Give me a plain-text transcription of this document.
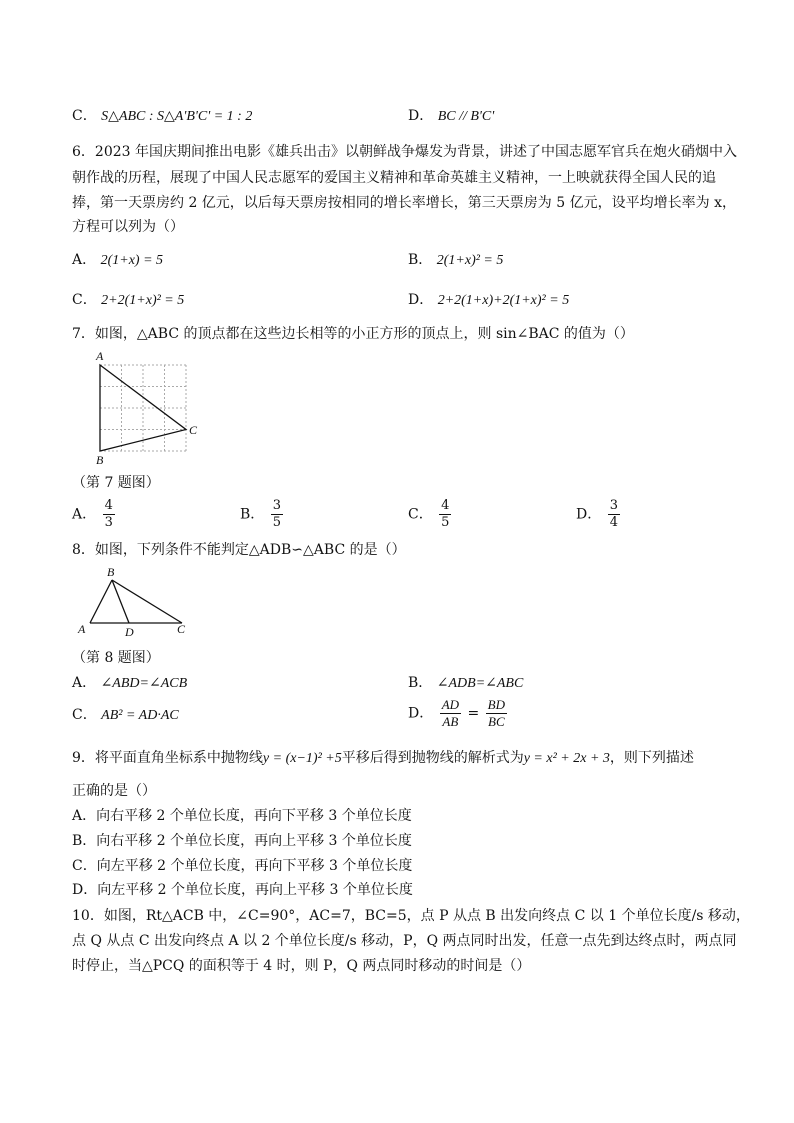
C． S△ABC : S△A'B'C' = 1 : 2	D． BC // B'C'
6．2023 年国庆期间推出电影《雄兵出击》以朝鲜战争爆发为背景，讲述了中国志愿军官兵在炮火硝烟中入
朝作战的历程，展现了中国人民志愿军的爱国主义精神和革命英雄主义精神，一上映就获得全国人民的追
捧，第一天票房约 2 亿元，以后每天票房按相同的增长率增长，第三天票房为 5 亿元，设平均增长率为 x，
方程可以列为（）
A． 2(1+x) = 5	B． 2(1+x)² = 5
C． 2+2(1+x)² = 5	D． 2+2(1+x)+2(1+x)² = 5
7．如图，△ABC 的顶点都在这些边长相等的小正方形的顶点上，则 sin∠BAC 的值为（）
A
B
C
（第 7 题图）
A． $\frac{4}{3}$	B． $\frac{3}{5}$	C． $\frac{4}{5}$	D． $\frac{3}{4}$
8．如图，下列条件不能判定△ADB∽△ABC 的是（）
B
A	D	C
（第 8 题图）
A． ∠ABD=∠ACB	B． ∠ADB=∠ABC
C． AB² = AD·AC	D． $\frac{AD}{AB} = \frac{BD}{BC}$
9．将平面直角坐标系中抛物线y = (x−1)² +5平移后得到抛物线的解析式为y = x² + 2x + 3，则下列描述
正确的是（）
A．向右平移 2 个单位长度，再向下平移 3 个单位长度
B．向右平移 2 个单位长度，再向上平移 3 个单位长度
C．向左平移 2 个单位长度，再向下平移 3 个单位长度
D．向左平移 2 个单位长度，再向上平移 3 个单位长度
10．如图，Rt△ACB 中，∠C=90°，AC=7，BC=5，点 P 从点 B 出发向终点 C 以 1 个单位长度/s 移动，
点 Q 从点 C 出发向终点 A 以 2 个单位长度/s 移动，P，Q 两点同时出发，任意一点先到达终点时，两点同
时停止，当△PCQ 的面积等于 4 时，则 P，Q 两点同时移动的时间是（）
